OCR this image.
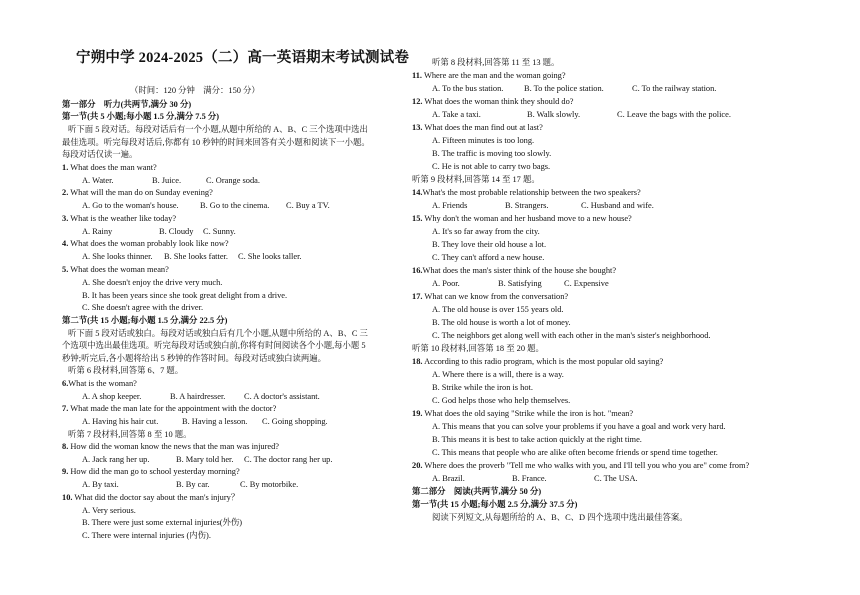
宁朔中学 2024-2025（二）高一英语期末考试测试卷
（时间：120 分钟　满分：150 分）
第一部分　听力(共两节,满分 30 分)
第一节(共 5 小题;每小题 1.5 分,满分 7.5 分)
听下面 5 段对话。每段对话后有一个小题,从题中所给的 A、B、C 三个选项中选出
最佳选项。听完每段对话后,你都有 10 秒钟的时间来回答有关小题和阅读下一小题。
每段对话仅读一遍。
1. What does the man want?
A. Water.	B. Juice.	C. Orange soda.
2. What will the man do on Sunday evening?
A. Go to the woman's house.	B. Go to the cinema. C. Buy a TV.
3. What is the weather like today?
A. Rainy	B. Cloudy C. Sunny.
4. What does the woman probably look like now?
A. She looks thinner. B. She looks fatter. C. She looks taller.
5. What does the woman mean?
A. She doesn't enjoy the drive very much.
B. It has been years since she took great delight from a drive.
C. She doesn't agree with the driver.
第二节(共 15 小题;每小题 1.5 分,满分 22.5 分)
听下面 5 段对话或独白。每段对话或独白后有几个小题,从题中所给的 A、B、C 三
个选项中选出最佳选项。听完每段对话或独白前,你将有时间阅读各个小题,每小题 5
秒钟;听完后,各小题将给出 5 秒钟的作答时间。每段对话或独白读两遍。
听第 6 段材料,回答第 6、7 题。
6.What is the woman?
A. A shop keeper.	B. A hairdresser. C. A doctor's assistant.
7. What made the man late for the appointment with the doctor?
A. Having his hair cut.	B. Having a lesson. C. Going shopping.
听第 7 段材料,回答第 8 至 10 题。
8. How did the woman know the news that the man was injured?
A. Jack rang her up.	B. Mary told her. C. The doctor rang her up.
9. How did the man go to school yesterday morning?
A. By taxi.	B. By car.	C. By motorbike.
10. What did the doctor say about the man's injury？
A. Very serious.
B. There were just some external injuries(外伤)
C. There were internal injuries (内伤).
听第 8 段材料,回答第 11 至 13 题。
11. Where are the man and the woman going?
A. To the bus station. B. To the police station.	C. To the railway station.
12. What does the woman think they should do?
A. Take a taxi.	B. Walk slowly.	C. Leave the bags with the police.
13. What does the man find out at last?
A. Fifteen minutes is too long.
B. The traffic is moving too slowly.
C. He is not able to carry two bags.
听第 9 段材料,回答第 14 至 17 题。
14.What's the most probable relationship between the two speakers?
A. Friends	B. Strangers.	C. Husband and wife.
15. Why don't the woman and her husband move to a new house?
A. It's so far away from the city.
B. They love their old house a lot.
C. They can't afford a new house.
16.What does the man's sister think of the house she bought?
A. Poor.	B. Satisfying	C. Expensive
17. What can we know from the conversation?
A. The old house is over 155 years old.
B. The old house is worth a lot of money.
C. The neighbors get along well with each other in the man's sister's neighborhood.
听第 10 段材料,回答第 18 至 20 题。
18. According to this radio program, which is the most popular old saying?
A. Where there is a will, there is a way.
B. Strike while the iron is hot.
C. God helps those who help themselves.
19. What does the old saying "Strike while the iron is hot. "mean?
A. This means that you can solve your problems if you have a goal and work very hard.
B. This means it is best to take action quickly at the right time.
C. This means that people who are alike often become friends or spend time together.
20. Where does the proverb "Tell me who walks with you, and I'll tell you who you are" come from?
A. Brazil.	B. France.	C. The USA.
第二部分　阅读(共两节,满分 50 分)
第一节(共 15 小题;每小题 2.5 分,满分 37.5 分)
阅读下列短文,从每题所给的 A、B、C、D 四个选项中选出最佳答案。
